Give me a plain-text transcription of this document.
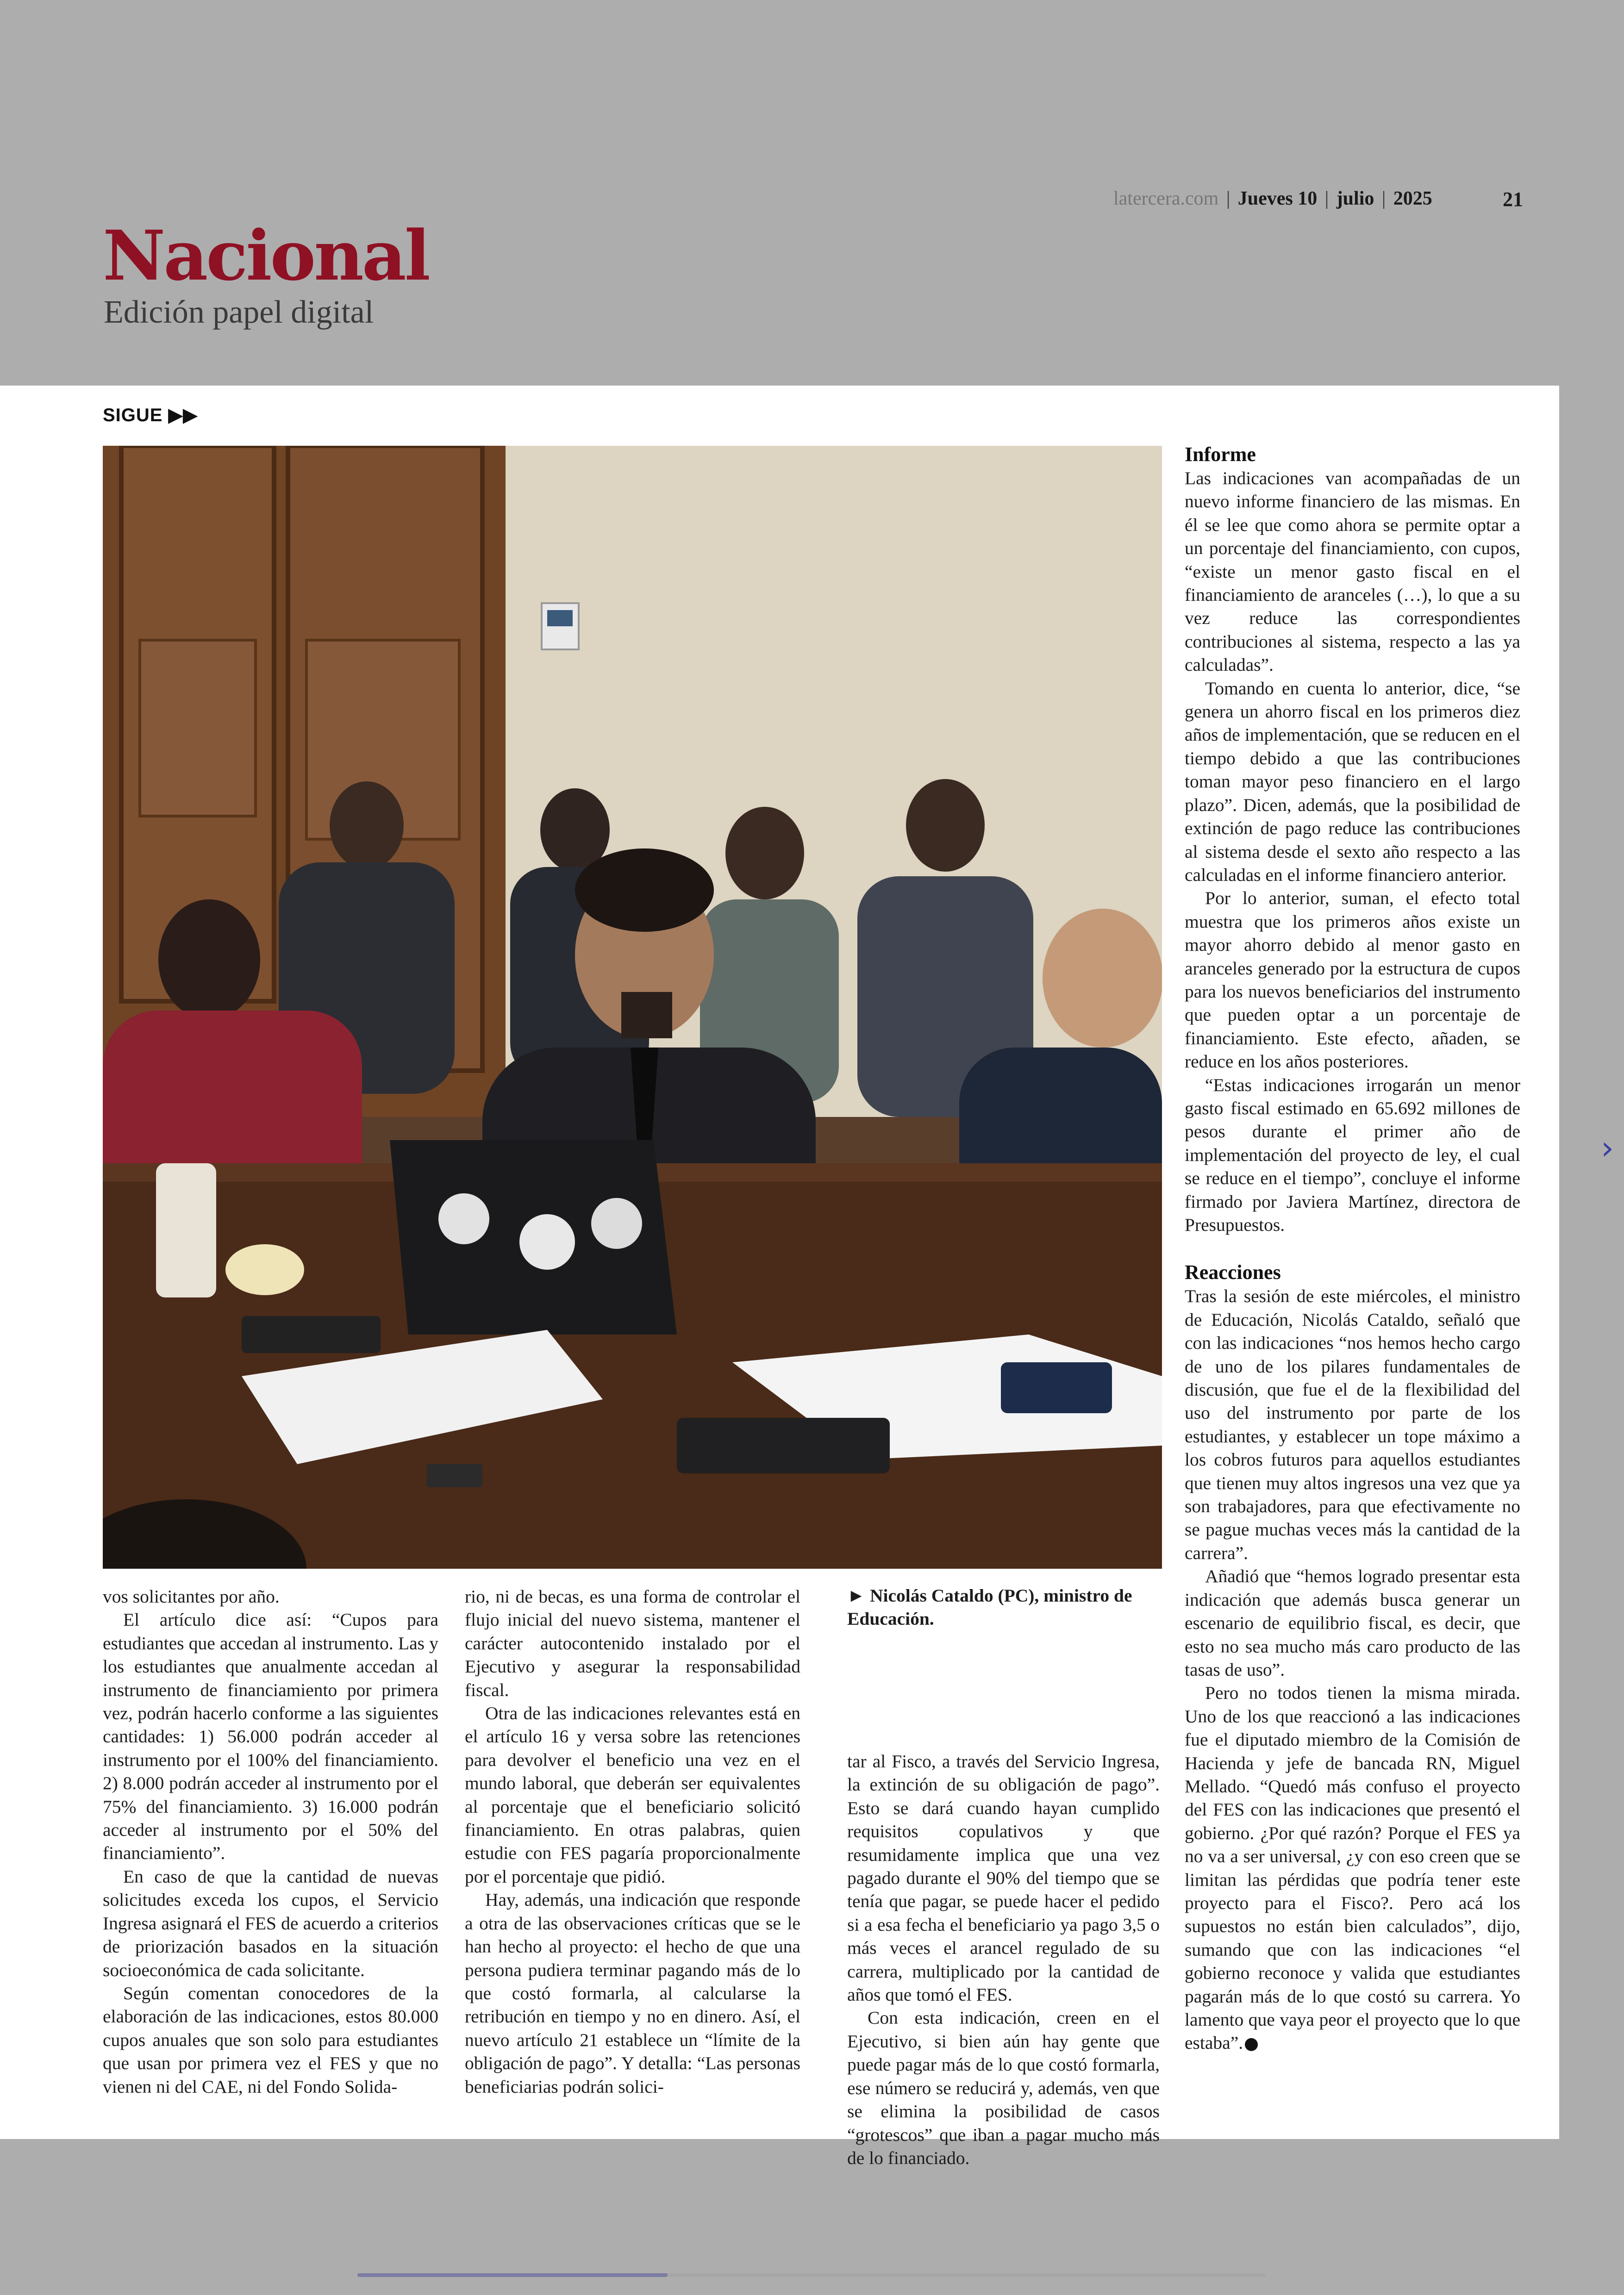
latercera.com | Jueves 10 | julio | 2025	21
Nacional
Edición papel digital
›
SIGUE ▶▶

vos solicitantes por año.

El artículo dice así: “Cupos para estudiantes que accedan al instrumento. Las y los estudiantes que anualmente accedan al instrumento de financiamiento por primera vez, podrán hacerlo conforme a las siguientes cantidades: 1) 56.000 podrán acceder al instrumento por el 100% del financiamiento. 2) 8.000 podrán acceder al instrumento por el 75% del financiamiento. 3) 16.000 podrán acceder al instrumento por el 50% del financiamiento”.

En caso de que la cantidad de nuevas solicitudes exceda los cupos, el Servicio Ingresa asignará el FES de acuerdo a criterios de priorización basados en la situación socioeconómica de cada solicitante.

Según comentan conocedores de la elaboración de las indicaciones, estos 80.000 cupos anuales que son solo para estudiantes que usan por primera vez el FES y que no vienen ni del CAE, ni del Fondo Solida-

rio, ni de becas, es una forma de controlar el flujo inicial del nuevo sistema, mantener el carácter autocontenido instalado por el Ejecutivo y asegurar la responsabilidad fiscal.

Otra de las indicaciones relevantes está en el artículo 16 y versa sobre las retenciones para devolver el beneficio una vez en el mundo laboral, que deberán ser equivalentes al porcentaje que el beneficiario solicitó financiamiento. En otras palabras, quien estudie con FES pagaría proporcionalmente por el porcentaje que pidió.

Hay, además, una indicación que responde a otra de las observaciones críticas que se le han hecho al proyecto: el hecho de que una persona pudiera terminar pagando más de lo que costó formarla, al calcularse la retribución en tiempo y no en dinero. Así, el nuevo artículo 21 establece un “límite de la obligación de pago”. Y detalla: “Las personas beneficiarias podrán solici-

► Nicolás Cataldo (PC), ministro de Educación.

tar al Fisco, a través del Servicio Ingresa, la extinción de su obligación de pago”. Esto se dará cuando hayan cumplido requisitos copulativos y que resumidamente implica que una vez pagado durante el 90% del tiempo que se tenía que pagar, se puede hacer el pedido si a esa fecha el beneficiario ya pago 3,5 o más veces el arancel regulado de su carrera, multiplicado por la cantidad de años que tomó el FES.

Con esta indicación, creen en el Ejecutivo, si bien aún hay gente que puede pagar más de lo que costó formarla, ese número se reducirá y, además, ven que se elimina la posibilidad de casos “grotescos” que iban a pagar mucho más de lo financiado.

Informe

Las indicaciones van acompañadas de un nuevo informe financiero de las mismas. En él se lee que como ahora se permite optar a un porcentaje del financiamiento, con cupos, “existe un menor gasto fiscal en el financiamiento de aranceles (…), lo que a su vez reduce las correspondientes contribuciones al sistema, respecto a las ya calculadas”.

Tomando en cuenta lo anterior, dice, “se genera un ahorro fiscal en los primeros diez años de implementación, que se reducen en el tiempo debido a que las contribuciones toman mayor peso financiero en el largo plazo”. Dicen, además, que la posibilidad de extinción de pago reduce las contribuciones al sistema desde el sexto año respecto a las calculadas en el informe financiero anterior.

Por lo anterior, suman, el efecto total muestra que los primeros años existe un mayor ahorro debido al menor gasto en aranceles generado por la estructura de cupos para los nuevos beneficiarios del instrumento que pueden optar a un porcentaje de financiamiento. Este efecto, añaden, se reduce en los años posteriores.

“Estas indicaciones irrogarán un menor gasto fiscal estimado en 65.692 millones de pesos durante el primer año de implementación del proyecto de ley, el cual se reduce en el tiempo”, concluye el informe firmado por Javiera Martínez, directora de Presupuestos.

Reacciones

Tras la sesión de este miércoles, el ministro de Educación, Nicolás Cataldo, señaló que con las indicaciones “nos hemos hecho cargo de uno de los pilares fundamentales de discusión, que fue el de la flexibilidad del uso del instrumento por parte de los estudiantes, y establecer un tope máximo a los cobros futuros para aquellos estudiantes que tienen muy altos ingresos una vez que ya son trabajadores, para que efectivamente no se pague muchas veces más la cantidad de la carrera”.

Añadió que “hemos logrado presentar esta indicación que además busca generar un escenario de equilibrio fiscal, es decir, que esto no sea mucho más caro producto de las tasas de uso”.

Pero no todos tienen la misma mirada. Uno de los que reaccionó a las indicaciones fue el diputado miembro de la Comisión de Hacienda y jefe de bancada RN, Miguel Mellado. “Quedó más confuso el proyecto del FES con las indicaciones que presentó el gobierno. ¿Por qué razón? Porque el FES ya no va a ser universal, ¿y con eso creen que se limitan las pérdidas que podría tener este proyecto para el Fisco?. Pero acá los supuestos no están bien calculados”, dijo, sumando que con las indicaciones “el gobierno reconoce y valida que estudiantes pagarán más de lo que costó su carrera. Yo lamento que vaya peor el proyecto que lo que estaba”.
